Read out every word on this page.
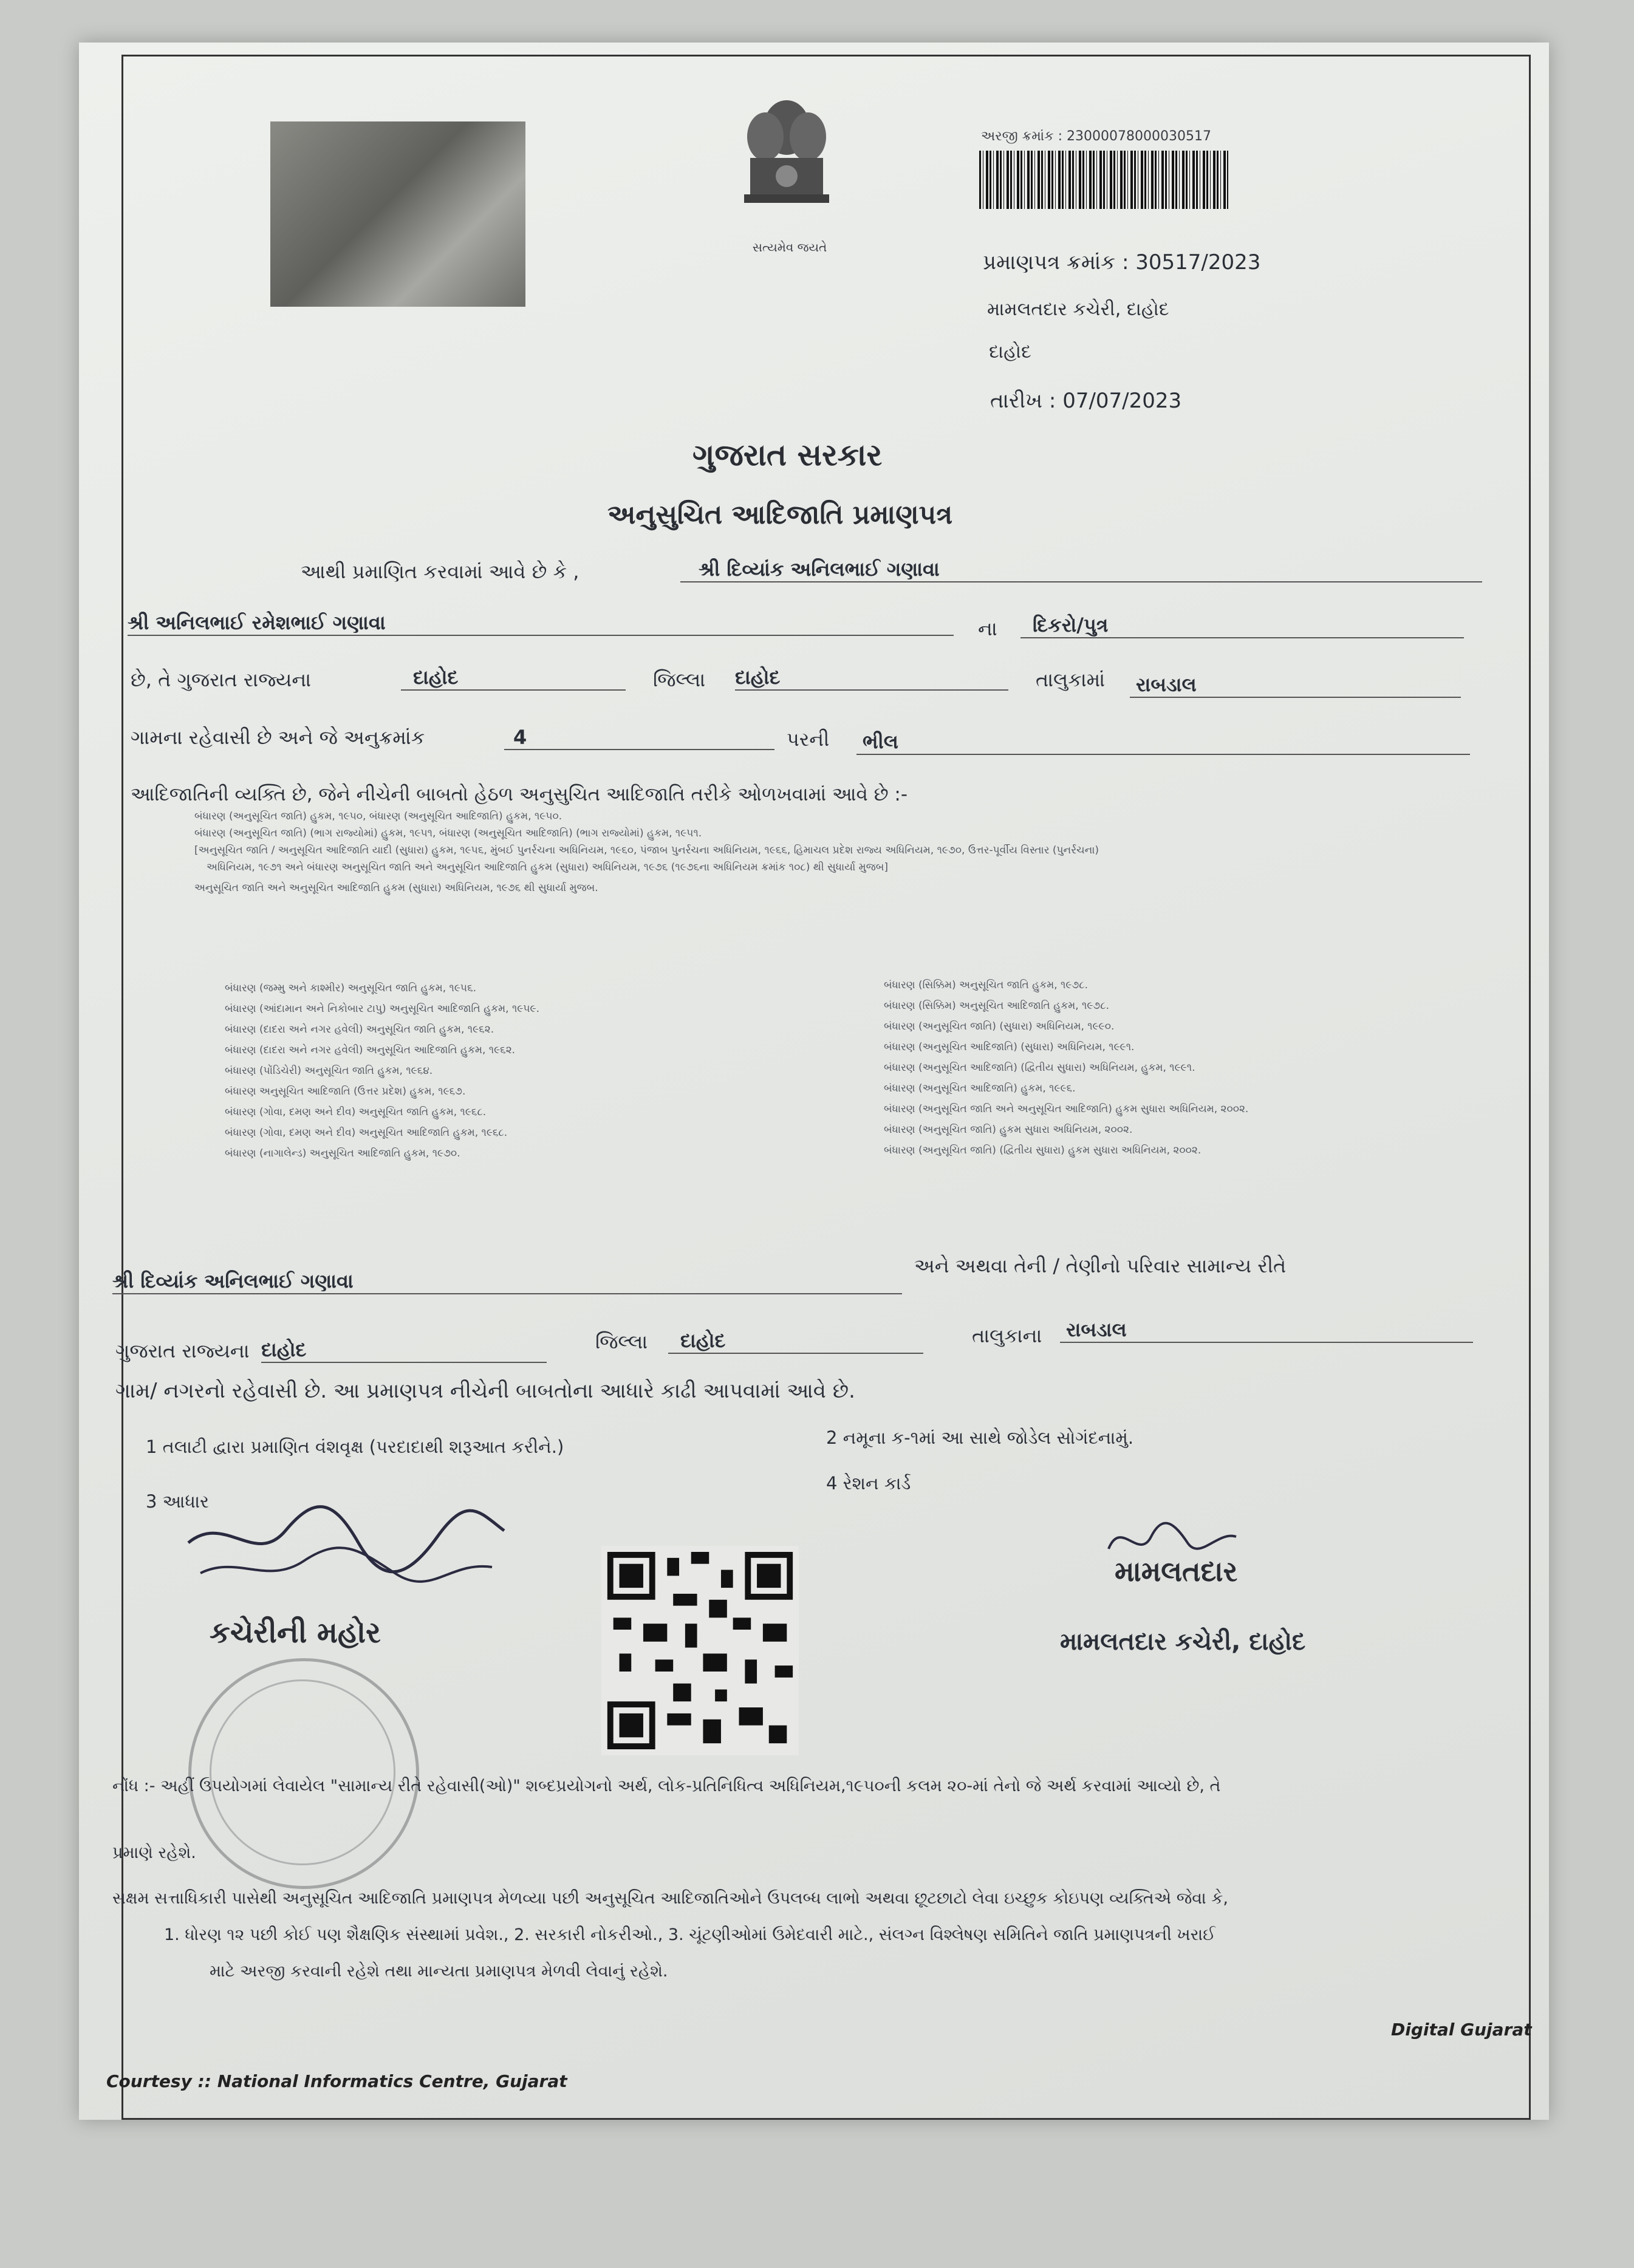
સત્યમેવ જયતે
અરજી ક્રમાંક : 23000078000030517
પ્રમાણપત્ર ક્રમાંક : 30517/2023
મામલતદાર કચેરી, દાહોદ
દાહોદ
તારીખ : 07/07/2023
ગુજરાત સરકાર
અનુસુચિત આદિજાતિ પ્રમાણપત્ર
આથી પ્રમાણિત કરવામાં આવે છે કે ,	શ્રી દિવ્યાંક અનિલભાઈ ગણાવા
શ્રી અનિલભાઈ રમેશભાઈ ગણાવા	ના	દિકરો/પુત્ર
છે, તે ગુજરાત રાજ્યના	દાહોદ	જિલ્લા દાહોદ	તાલુકામાં	રાબડાલ
ગામના રહેવાસી છે અને જે અનુક્રમાંક	4	પરની	ભીલ
આદિજાતિની વ્યક્તિ છે, જેને નીચેની બાબતો હેઠળ અનુસુચિત આદિજાતિ તરીકે ઓળખવામાં આવે છે :-
બંધારણ (અનુસૂચિત જાતિ) હુકમ, ૧૯૫૦, બંધારણ (અનુસૂચિત આદિજાતિ) હુકમ, ૧૯૫૦.
બંધારણ (અનુસૂચિત જાતિ) (ભાગ રાજ્યોમાં) હુકમ, ૧૯૫૧, બંધારણ (અનુસૂચિત આદિજાતિ) (ભાગ રાજ્યોમાં) હુકમ, ૧૯૫૧.
[અનુસૂચિત જાતિ / અનુસૂચિત આદિજાતિ યાદી (સુધારા) હુકમ, ૧૯૫૬, મુંબઈ પુનર્રચના અધિનિયમ, ૧૯૬૦, પંજાબ પુનર્રચના અધિનિયમ, ૧૯૬૬, હિમાચલ પ્રદેશ રાજ્ય અધિનિયમ, ૧૯૭૦, ઉત્તર-પૂર્વીય વિસ્તાર (પુનર્રચના)
અધિનિયમ, ૧૯૭૧ અને બંધારણ અનુસૂચિત જાતિ અને અનુસૂચિત આદિજાતિ હુકમ (સુધારા) અધિનિયમ, ૧૯૭૬ (૧૯૭૬ના અધિનિયમ ક્રમાંક ૧૦૮) થી સુધાર્યા મુજબ]
અનુસૂચિત જાતિ અને અનુસૂચિત આદિજાતિ હુકમ (સુધારા) અધિનિયમ, ૧૯૭૬ થી સુધાર્યા મુજબ.
બંધારણ (જમ્મુ અને કાશ્મીર) અનુસૂચિત જાતિ હુકમ, ૧૯૫૬.
બંધારણ (આંદામાન અને નિકોબાર ટાપુ) અનુસૂચિત આદિજાતિ હુકમ, ૧૯૫૯.
બંધારણ (દાદરા અને નગર હવેલી) અનુસૂચિત જાતિ હુકમ, ૧૯૬૨.
બંધારણ (દાદરા અને નગર હવેલી) અનુસૂચિત આદિજાતિ હુકમ, ૧૯૬૨.
બંધારણ (પોંડિચેરી) અનુસૂચિત જાતિ હુકમ, ૧૯૬૪.
બંધારણ અનુસૂચિત આદિજાતિ (ઉત્તર પ્રદેશ) હુકમ, ૧૯૬૭.
બંધારણ (ગોવા, દમણ અને દીવ) અનુસૂચિત જાતિ હુકમ, ૧૯૬૮.
બંધારણ (ગોવા, દમણ અને દીવ) અનુસૂચિત આદિજાતિ હુકમ, ૧૯૬૮.
બંધારણ (નાગાલેન્ડ) અનુસૂચિત આદિજાતિ હુકમ, ૧૯૭૦.
બંધારણ (સિક્કિમ) અનુસૂચિત જાતિ હુકમ, ૧૯૭૮.
બંધારણ (સિક્કિમ) અનુસૂચિત આદિજાતિ હુકમ, ૧૯૭૮.
બંધારણ (અનુસૂચિત જાતિ) (સુધારા) અધિનિયમ, ૧૯૯૦.
બંધારણ (અનુસૂચિત આદિજાતિ) (સુધારા) અધિનિયમ, ૧૯૯૧.
બંધારણ (અનુસૂચિત આદિજાતિ) (દ્વિતીય સુધારા) અધિનિયમ, હુકમ, ૧૯૯૧.
બંધારણ (અનુસૂચિત આદિજાતિ) હુકમ, ૧૯૯૬.
બંધારણ (અનુસૂચિત જાતિ અને અનુસૂચિત આદિજાતિ) હુકમ સુધારા અધિનિયમ, ૨૦૦૨.
બંધારણ (અનુસૂચિત જાતિ) હુકમ સુધારા અધિનિયમ, ૨૦૦૨.
બંધારણ (અનુસૂચિત જાતિ) (દ્વિતીય સુધારા) હુકમ સુધારા અધિનિયમ, ૨૦૦૨.
શ્રી દિવ્યાંક અનિલભાઈ ગણાવા
અને અથવા તેની / તેણીનો પરિવાર સામાન્ય રીતે
ગુજરાત રાજ્યના દાહોદ	જિલ્લા	દાહોદ	તાલુકાના	રાબડાલ
ગામ/ નગરનો રહેવાસી છે. આ પ્રમાણપત્ર નીચેની બાબતોના આધારે કાઢી આપવામાં આવે છે.
1 તલાટી દ્વારા પ્રમાણિત વંશવૃક્ષ (પરદાદાથી શરૂઆત કરીને.)	2 નમૂના ક-૧માં આ સાથે જોડેલ સોગંદનામું.
3 આધાર
4 રેશન કાર્ડ
કચેરીની મહોર
મામલતદાર
મામલતદાર કચેરી, દાહોદ
નોંધ :- અહીં ઉપયોગમાં લેવાયેલ "સામાન્ય રીતે રહેવાસી(ઓ)" શબ્દપ્રયોગનો અર્થ, લોક-પ્રતિનિધિત્વ અધિનિયમ,૧૯૫૦ની કલમ ૨૦-માં તેનો જે અર્થ કરવામાં આવ્યો છે, તે
પ્રમાણે રહેશે.
સક્ષમ સત્તાધિકારી પાસેથી અનુસૂચિત આદિજાતિ પ્રમાણપત્ર મેળવ્યા પછી અનુસૂચિત આદિજાતિઓને ઉપલબ્ધ લાભો અથવા છૂટછાટો લેવા ઇચ્છુક કોઇપણ વ્યક્તિએ જેવા કે,
1. ધોરણ ૧૨ પછી કોઈ પણ શૈક્ષણિક સંસ્થામાં પ્રવેશ., 2. સરકારી નોકરીઓ., 3. ચૂંટણીઓમાં ઉમેદવારી માટે., સંલગ્ન વિશ્લેષણ સમિતિને જાતિ પ્રમાણપત્રની ખરાઈ
માટે અરજી કરવાની રહેશે તથા માન્યતા પ્રમાણપત્ર મેળવી લેવાનું રહેશે.
Digital Gujarat
Courtesy :: National Informatics Centre, Gujarat
